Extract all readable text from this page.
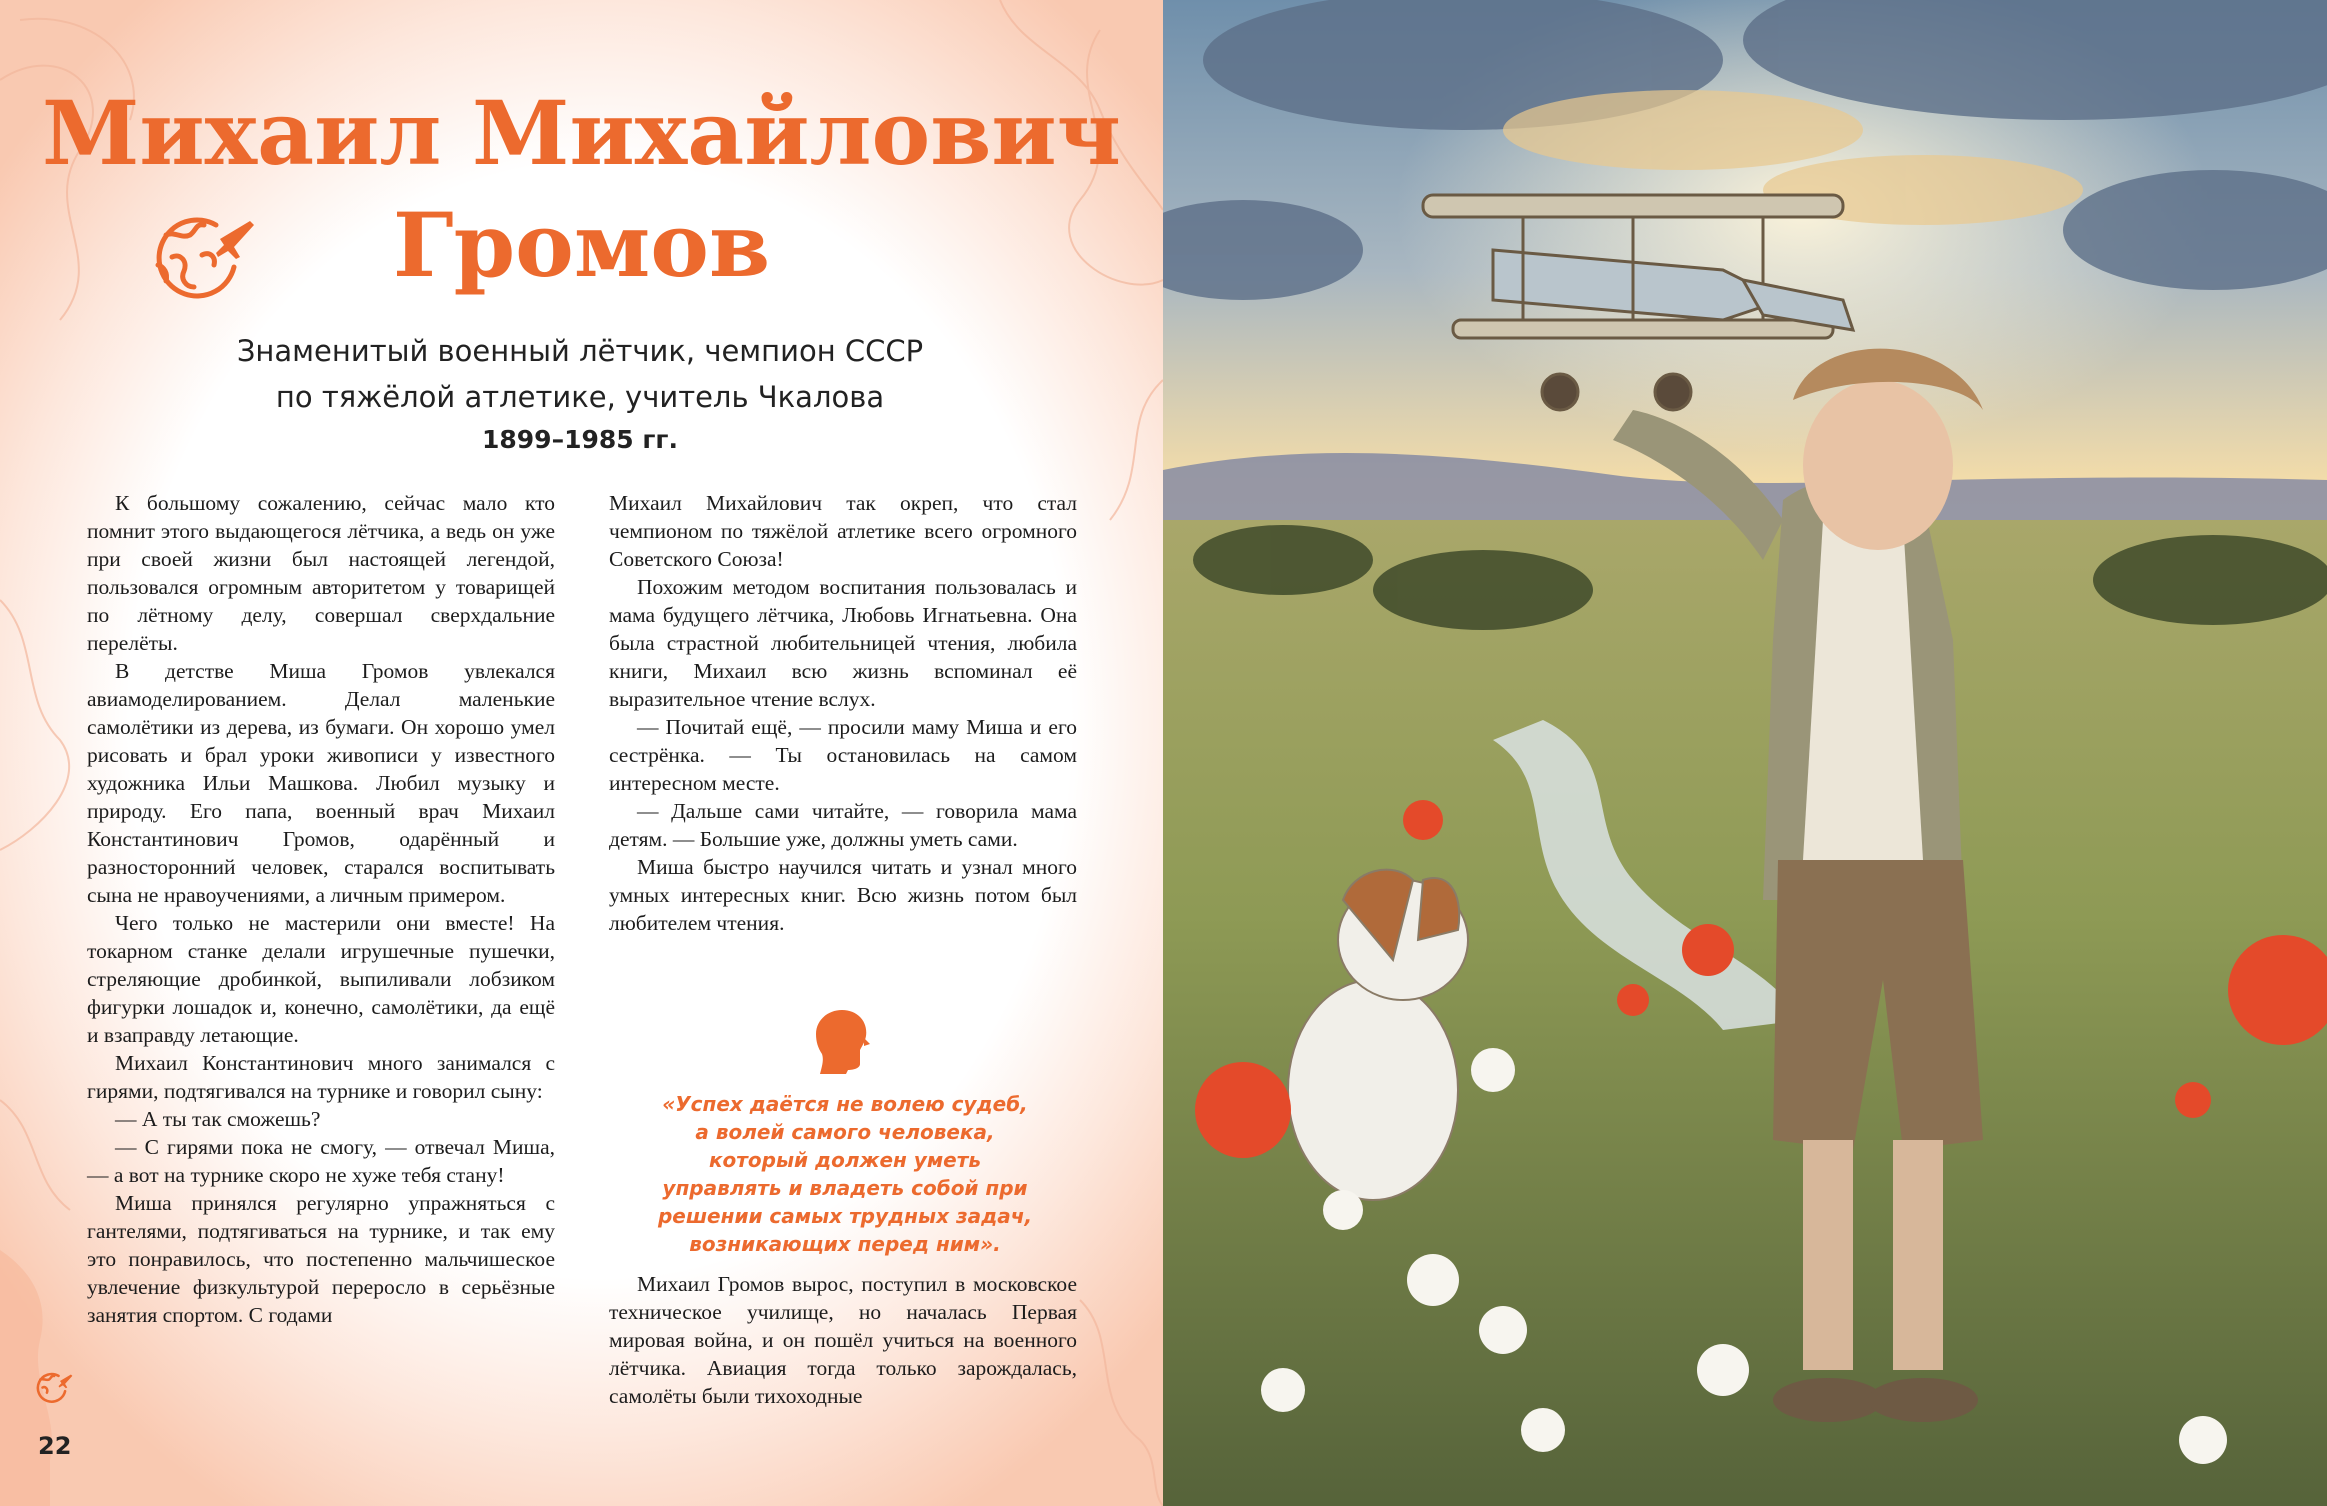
Михаил Михайлович
Громов
Знаменитый военный лётчик, чемпион СССР
по тяжёлой атлетике, учитель Чкалова
1899–1985 гг.

К большому сожалению, сейчас мало кто помнит этого выдающегося лётчика, а ведь он уже при своей жизни был настоящей легендой, пользовался огромным авторитетом у товарищей по лётному делу, совершал сверхдальние перелёты.

В детстве Миша Громов увлекался авиамоделированием. Делал маленькие самолётики из дерева, из бумаги. Он хорошо умел рисовать и брал уроки живописи у известного художника Ильи Машкова. Любил музыку и природу. Его папа, военный врач Михаил Константинович Громов, одарённый и разносторонний человек, старался воспитывать сына не нравоучениями, а личным примером.

Чего только не мастерили они вместе! На токарном станке делали игрушечные пушечки, стреляющие дробинкой, выпиливали лобзиком фигурки лошадок и, конечно, самолётики, да ещё и взаправду летающие.

Михаил Константинович много занимался с гирями, подтягивался на турнике и говорил сыну:

— А ты так сможешь?

— С гирями пока не смогу, — отвечал Миша, — а вот на турнике скоро не хуже тебя стану!

Миша принялся регулярно упражняться с гантелями, подтягиваться на турнике, и так ему это понравилось, что постепенно мальчишеское увлечение физкультурой переросло в серьёзные занятия спортом. С годами

Михаил Михайлович так окреп, что стал чемпионом по тяжёлой атлетике всего огромного Советского Союза!

Похожим методом воспитания пользовалась и мама будущего лётчика, Любовь Игнатьевна. Она была страстной любительницей чтения, любила книги, Михаил всю жизнь вспоминал её выразительное чтение вслух.

— Почитай ещё, — просили маму Миша и его сестрёнка. — Ты остановилась на самом интересном месте.

— Дальше сами читайте, — говорила мама детям. — Большие уже, должны уметь сами.

Миша быстро научился читать и узнал много умных интересных книг. Всю жизнь потом был любителем чтения.

«Успех даётся не волею судеб,
а волей самого человека,
который должен уметь
управлять и владеть собой при
решении самых трудных задач,
возникающих перед ним».

Михаил Громов вырос, поступил в московское техническое училище, но началась Первая мировая война, и он пошёл учиться на военного лётчика. Авиация тогда только зарождалась, самолёты были тихоходные

22
